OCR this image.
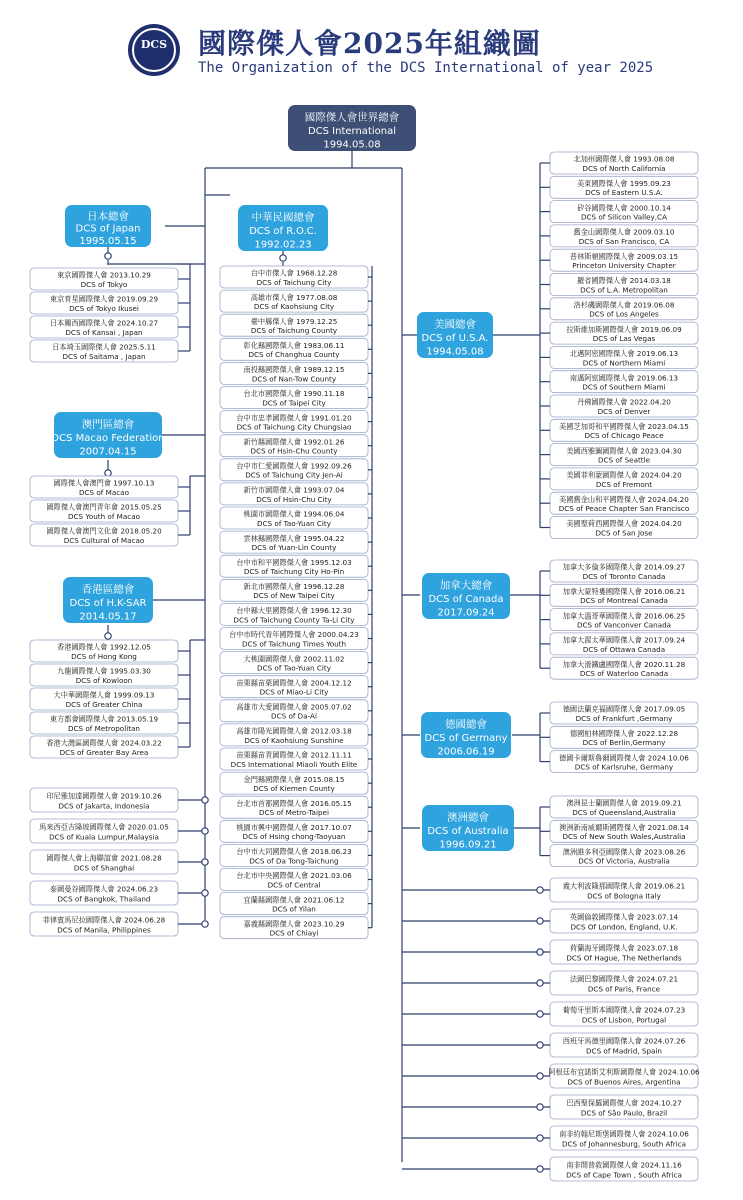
DCS	國際傑人會2025年組織圖
The Organization of the DCS International of year 2025
東京國際傑人會 2013.10.29
DCS of Tokyo
東京育星國際傑人會 2019.09.29
DCS of Tokyo Ikusei
日本關西國際傑人會 2024.10.27
DCS of Kansai , Japan
日本埼玉國際傑人會 2025.5.11
DCS of Saitama , Japan
國際傑人會澳門會 1997.10.13
DCS of Macao
國際傑人會澳門青年會 2015.05.25
DCS Youth of Macao
國際傑人會澳門文化會 2018.05.20
DCS Cultural of Macao
香港國際傑人會 1992.12.05
DCS of Hong Kong
九龍國際傑人會 1995.03.30
DCS of Kowloon
大中華國際傑人會 1999.09.13
DCS of Greater China
東方都會國際傑人會 2013.05.19
DCS of Metropolitan
香港大灣區國際傑人會 2024.03.22
DCS of Greater Bay Area
印尼雅加達國際傑人會 2019.10.26
DCS of Jakarta, Indonesia
馬來西亞吉隆坡國際傑人會 2020.01.05
DCS of Kuala Lumpur,Malaysia
國際傑人會上海聯誼會 2021.08.28
DCS of Shanghai
泰國曼谷國際傑人會 2024.06.23
DCS of Bangkok, Thailand
菲律賓馬尼拉國際傑人會 2024.06.28
DCS of Manila, Philippines
台中市傑人會 1968.12.28
DCS of Taichung City
高雄市傑人會 1977.08.08
DCS of Kaohsiung City
臺中縣傑人會 1979.12.25
DCS of Taichung County
彰化縣國際傑人會 1983.06.11
DCS of Changhua County
南投縣國際傑人會 1989.12.15
DCS of Nan-Tow County
台北市國際傑人會 1990.11.18
DCS of Taipei City
台中市忠孝國際傑人會 1991.01.20
DCS of Taichung City Chungsiao
新竹縣國際傑人會 1992.01.26
DCS of Hsin-Chu County
台中市仁愛國際傑人會 1992.09.26
DCS of Taichung City Jen-Ai
新竹市國際傑人會 1993.07.04
DCS of Hsin-Chu City
桃園市國際傑人會 1994.06.04
DCS of Tao-Yuan City
雲林縣國際傑人會 1995.04.22
DCS of Yuan-Lin County
台中市和平國際傑人會 1995.12.03
DCS of Taichung City Ho-Pin
新北市國際傑人會 1996.12.28
DCS of New Taipei City
台中縣大里國際傑人會 1996.12.30
DCS of Taichung County Ta-Li City
台中市時代青年國際傑人會 2000.04.23
DCS of Taichung Times Youth
大桃園國際傑人會 2002.11.02
DCS of Tao-Yuan City
苗栗縣苗栗國際傑人會 2004.12.12
DCS of Miao-Li City
高雄市大愛國際傑人會 2005.07.02
DCS of Da-Ai
高雄市陽光國際傑人會 2012.03.18
DCS of Kaohsiung Sunshine
苗栗縣苗青國際傑人會 2012.11.11
DCS International Miaoli Youth Elite
金門縣國際傑人會 2015.08.15
DCS of Kiemen County
台北市首都國際傑人會 2016.05.15
DCS of Metro-Taipei
桃園市興中國際傑人會 2017.10.07
DCS of Hsing chong-Taoyuan
台中市大同國際傑人會 2018.06.23
DCS of Da Tong-Taichung
台北市中央國際傑人會 2021.03.06
DCS of Central
宜蘭縣國際傑人會 2021.06.12
DCS of Yilan
嘉義縣國際傑人會 2023.10.29
DCS of Chiayi
日本總會
DCS of Japan
1995.05.15
澳門區總會
DCS Macao Federation
2007.04.15
香港區總會
DCS of H.K-SAR
2014.05.17
中華民國總會
DCS of R.O.C.
1992.02.23
北加州國際傑人會 1993.08.08
DCS of North California
美東國際傑人會 1995.09.23
DCS of Eastern U.S.A.
矽谷國際傑人會 2000.10.14
DCS of Silicon Valley,CA
舊金山國際傑人會 2009.03.10
DCS of San Francisco, CA
普林斯頓國際傑人會 2009.03.15
Princeton University Chapter
羅省國際傑人會 2014.03.18
DCS of L.A. Metropolitan
洛杉磯國際傑人會 2019.06.08
DCS of Los Angeles
拉斯維加斯國際傑人會 2019.06.09
DCS of Las Vegas
北邁阿密國際傑人會 2019.06.13
DCS of Northern Miami
南邁阿密國際傑人會 2019.06.13
DCS of Southern Miami
丹佛國際傑人會 2022.04.20
DCS of Denver
美國芝加哥和平國際傑人會 2023.04.15
DCS of Chicago Peace
美國西雅圖國際傑人會 2023.04.30
DCS of Seattle
美國菲利蒙國際傑人會 2024.04.20
DCS of Fremont
美國舊金山和平國際傑人會 2024.04.20
DCS of Peace Chapter San Francisco
美國聖荷西國際傑人會 2024.04.20
DCS of San Jose
美國總會
DCS of U.S.A.
1994.05.08
加拿大多倫多國際傑人會 2014.09.27
DCS of Toronto Canada
加拿大蒙特婁國際傑人會 2016.06.21
DCS of Montreal Canada
加拿大溫哥華國際傑人會 2016.06.25
DCS of Vanconver Canada
加拿大渥太華國際傑人會 2017.09.24
DCS of Ottawa Canada
加拿大滑鐵盧國際傑人會 2020.11.28
DCS of Waterloo Canada
加拿大總會
DCS of Canada
2017.09.24
德國法蘭克福國際傑人會 2017.09.05
DCS of Frankfurt ,Germany
德國柏林國際傑人會 2022.12.28
DCS of Berlin,Germany
德國卡爾斯魯爾國際傑人會 2024.10.06
DCS of Karlsruhe, Germany
德國總會
DCS of Germany
2006.06.19
澳洲昆士蘭國際傑人會 2019.09.21
DCS of Queensland,Australia
澳洲新南威爾斯國際傑人會 2021.08.14
DCS of New South Wales,Australia
澳洲維多利亞國際傑人會 2023.08.26
DCS Of Victoria, Australia
澳洲總會
DCS of Australia
1996.09.21
義大利波隆那國際傑人會 2019.06.21
DCS of Bologna Italy
英國倫敦國際傑人會 2023.07.14
DCS Of London, England, U.K.
荷蘭海牙國際傑人會 2023.07.18
DCS Of Hague, The Netherlands
法國巴黎國際傑人會 2024.07.21
DCS of Paris, France
葡萄牙里斯本國際傑人會 2024.07.23
DCS of Lisbon, Portugal
西班牙馬德里國際傑人會 2024.07.26
DCS of Madrid, Spain
阿根廷布宜諾斯艾利斯國際傑人會 2024.10.06
DCS of Buenos Aires, Argentina
巴西聖保羅國際傑人會 2024.10.27
DCS of São Paulo, Brazil
南非約翰尼斯堡國際傑人會 2024.10.06
DCS of Johannesburg, South Africa
南非開普敦國際傑人會 2024.11.16
DCS of Cape Town , South Africa
國際傑人會世界總會
DCS International
1994.05.08
